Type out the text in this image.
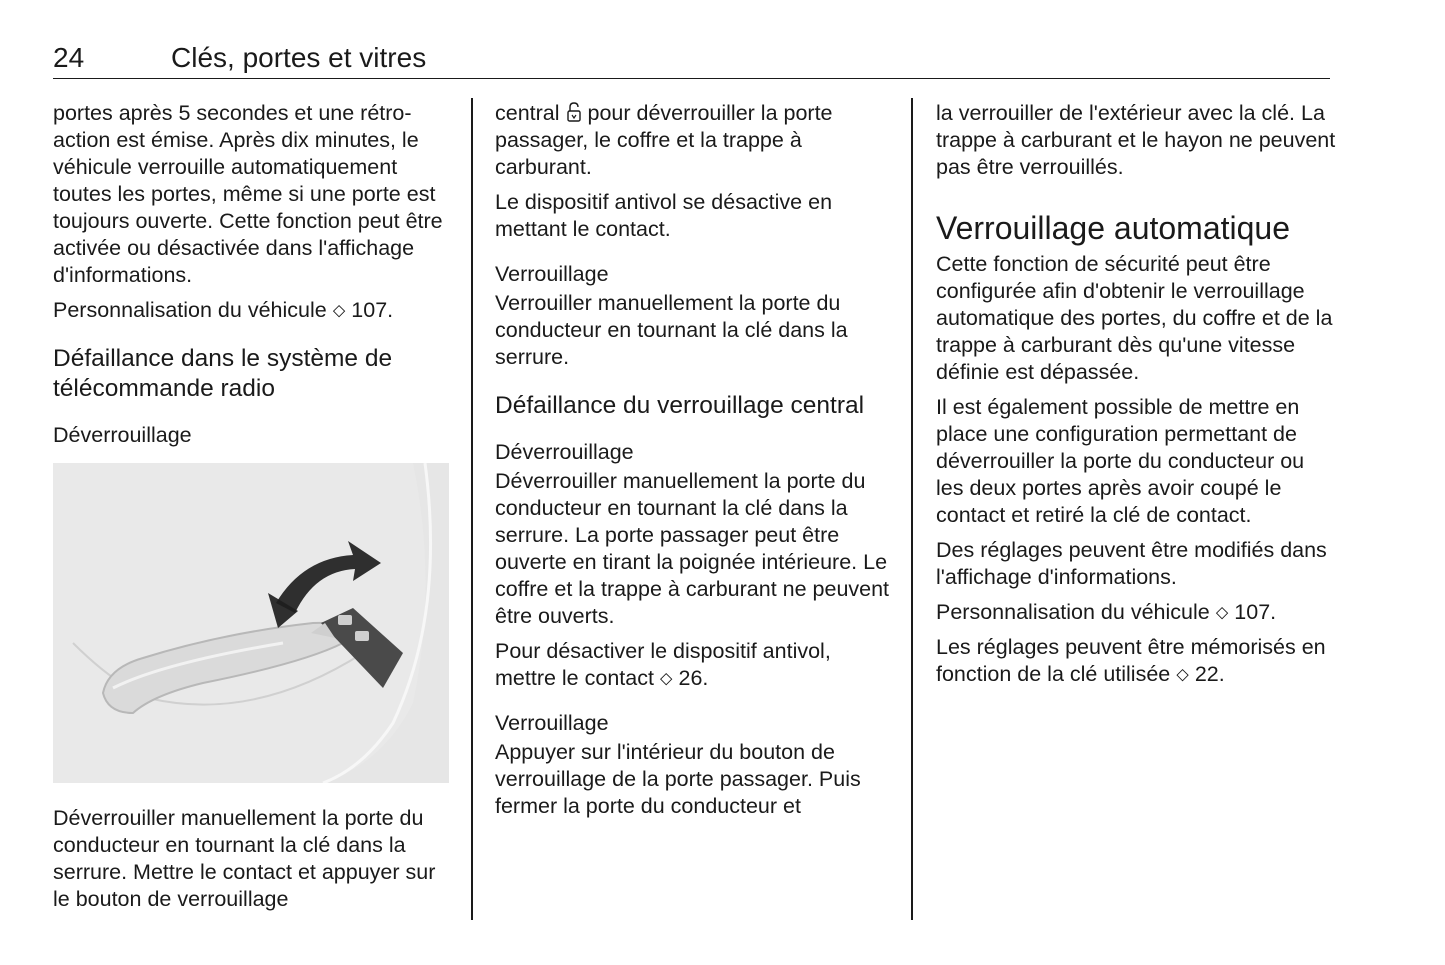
24	Clés, portes et vitres

portes après 5 secondes et une rétroaction est émise. Après dix minutes, le véhicule verrouille automatiquement toutes les portes, même si une porte est toujours ouverte. Cette fonction peut être activée ou désactivée dans l'affichage d'informations.

Personnalisation du véhicule ⬦ 107.

Défaillance dans le système de télécommande radio
Déverrouillage

Déverrouiller manuellement la porte du conducteur en tournant la clé dans la serrure. Mettre le contact et appuyer sur le bouton de verrouillage

central pour déverrouiller la porte passager, le coffre et la trappe à carburant.

Le dispositif antivol se désactive en mettant le contact.

Verrouillage

Verrouiller manuellement la porte du conducteur en tournant la clé dans la serrure.

Défaillance du verrouillage central
Déverrouillage

Déverrouiller manuellement la porte du conducteur en tournant la clé dans la serrure. La porte passager peut être ouverte en tirant la poignée intérieure. Le coffre et la trappe à carburant ne peuvent être ouverts.

Pour désactiver le dispositif antivol, mettre le contact ⬦ 26.

Verrouillage

Appuyer sur l'intérieur du bouton de verrouillage de la porte passager. Puis fermer la porte du conducteur et

la verrouiller de l'extérieur avec la clé. La trappe à carburant et le hayon ne peuvent pas être verrouillés.

Verrouillage automatique

Cette fonction de sécurité peut être configurée afin d'obtenir le verrouillage automatique des portes, du coffre et de la trappe à carburant dès qu'une vitesse définie est dépassée.

Il est également possible de mettre en place une configuration permettant de déverrouiller la porte du conducteur ou les deux portes après avoir coupé le contact et retiré la clé de contact.

Des réglages peuvent être modifiés dans l'affichage d'informations.

Personnalisation du véhicule ⬦ 107.

Les réglages peuvent être mémorisés en fonction de la clé utilisée ⬦ 22.
